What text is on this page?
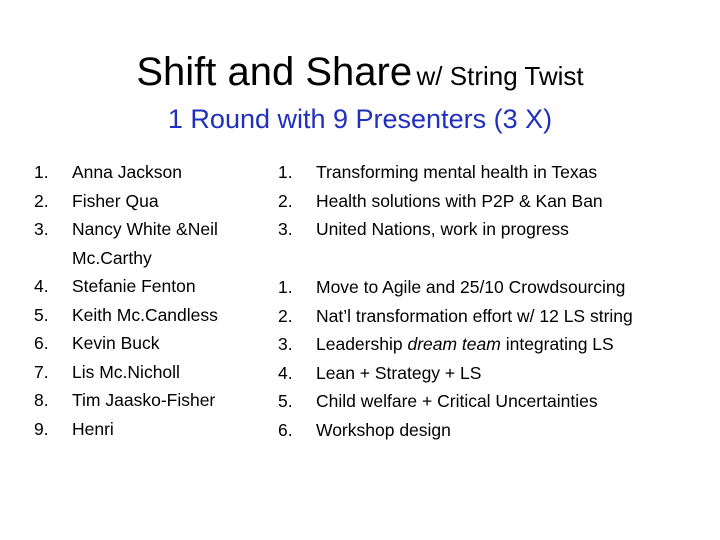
Shift and Share w/ String Twist
1 Round with 9 Presenters (3 X)
1.	Anna Jackson
2.	Fisher Qua
3.	Nancy White &Neil Mc.Carthy
4.	Stefanie Fenton
5.	Keith Mc.Candless
6.	Kevin Buck
7.	Lis Mc.Nicholl
8.	Tim Jaasko-Fisher
9.	Henri
1.	Transforming mental health in Texas
2.	Health solutions with P2P & Kan Ban
3.	United Nations, work in progress
1.	Move to Agile and 25/10 Crowdsourcing
2.	Nat’l transformation effort w/ 12 LS string
3.	Leadership dream team integrating LS
4.	Lean + Strategy + LS
5.	Child welfare + Critical Uncertainties
6.	Workshop design
